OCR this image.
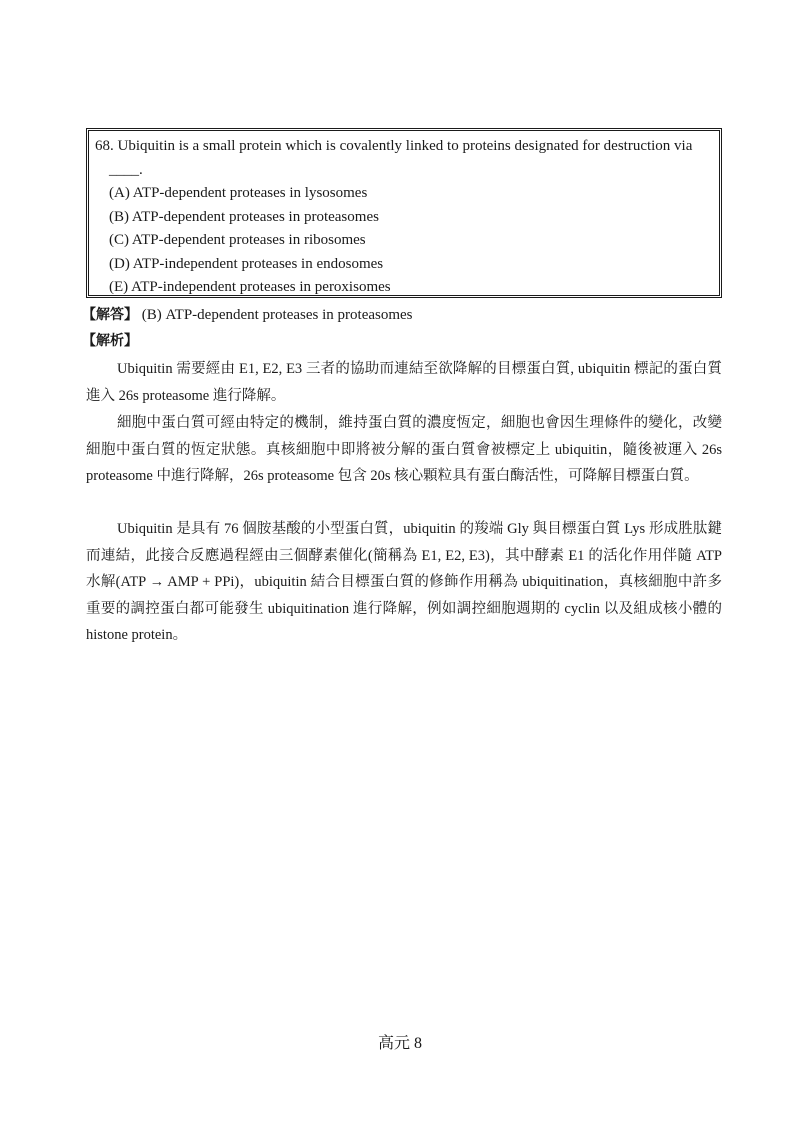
68. Ubiquitin is a small protein which is covalently linked to proteins designated for destruction via

____.

(A) ATP-dependent proteases in lysosomes

(B) ATP-dependent proteases in proteasomes

(C) ATP-dependent proteases in ribosomes

(D) ATP-independent proteases in endosomes

(E) ATP-independent proteases in peroxisomes

【解答】 (B) ATP-dependent proteases in proteasomes
【解析】

Ubiquitin 需要經由 E1, E2, E3 三者的協助而連結至欲降解的目標蛋白質, ubiquitin 標記的蛋白質進入 26s proteasome 進行降解。

細胞中蛋白質可經由特定的機制，維持蛋白質的濃度恆定，細胞也會因生理條件的變化，改變細胞中蛋白質的恆定狀態。真核細胞中即將被分解的蛋白質會被標定上 ubiquitin，隨後被運入 26s proteasome 中進行降解，26s proteasome 包含 20s 核心顆粒具有蛋白酶活性，可降解目標蛋白質。

Ubiquitin 是具有 76 個胺基酸的小型蛋白質，ubiquitin 的羧端 Gly 與目標蛋白質 Lys 形成胜肽鍵而連結，此接合反應過程經由三個酵素催化(簡稱為 E1, E2, E3)，其中酵素 E1 的活化作用伴隨 ATP 水解(ATP → AMP + PPi)，ubiquitin 結合目標蛋白質的修飾作用稱為 ubiquitination，真核細胞中許多重要的調控蛋白都可能發生 ubiquitination 進行降解，例如調控細胞週期的 cyclin 以及組成核小體的 histone protein。

高元 8
